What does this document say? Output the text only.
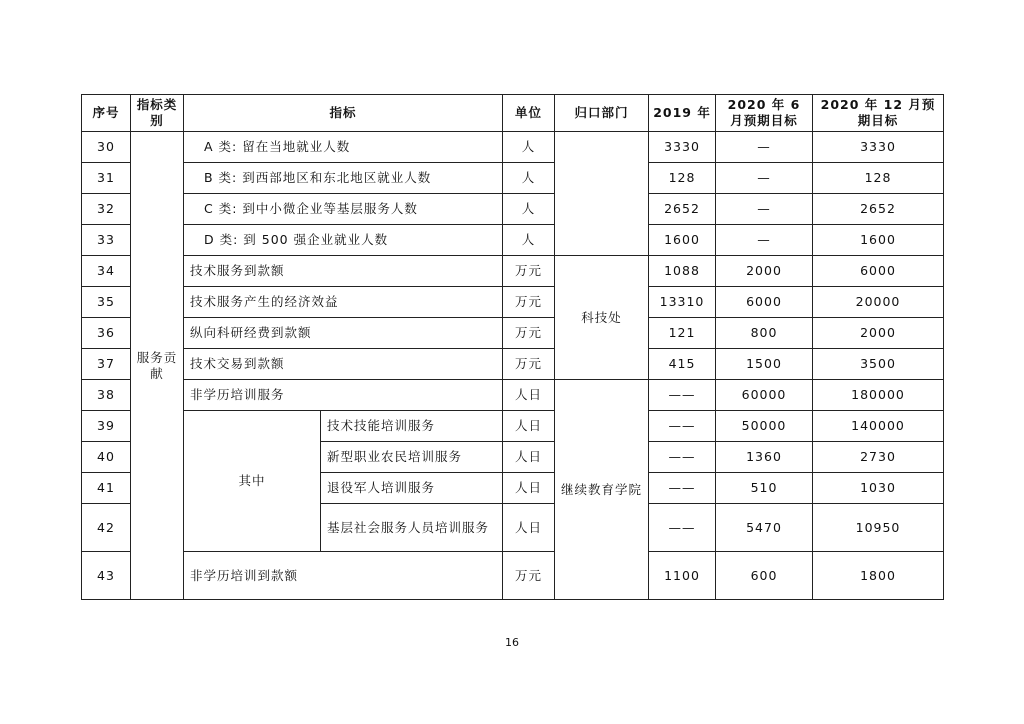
序号	指标类别	指标		单位	归口部门	2019 年	2020 年 6 月预期目标	2020 年 12 月预期目标
30	服务贡献	A 类: 留在当地就业人数		人		3330	—	3330
31		B 类: 到西部地区和东北地区就业人数		人		128	—	128
32		C 类: 到中小微企业等基层服务人数		人		2652	—	2652
33		D 类: 到 500 强企业就业人数		人		1600	—	1600
34		技术服务到款额		万元	科技处	1088	2000	6000
35		技术服务产生的经济效益		万元		13310	6000	20000
36		纵向科研经费到款额		万元		121	800	2000
37		技术交易到款额		万元		415	1500	3500
38		非学历培训服务		人日	继续教育学院	——	60000	180000
39		其中	技术技能培训服务	人日		——	50000	140000
40			新型职业农民培训服务	人日		——	1360	2730
41			退役军人培训服务	人日		——	510	1030
42			基层社会服务人员培训服务	人日		——	5470	10950
43		非学历培训到款额		万元		1100	600	1800
16
